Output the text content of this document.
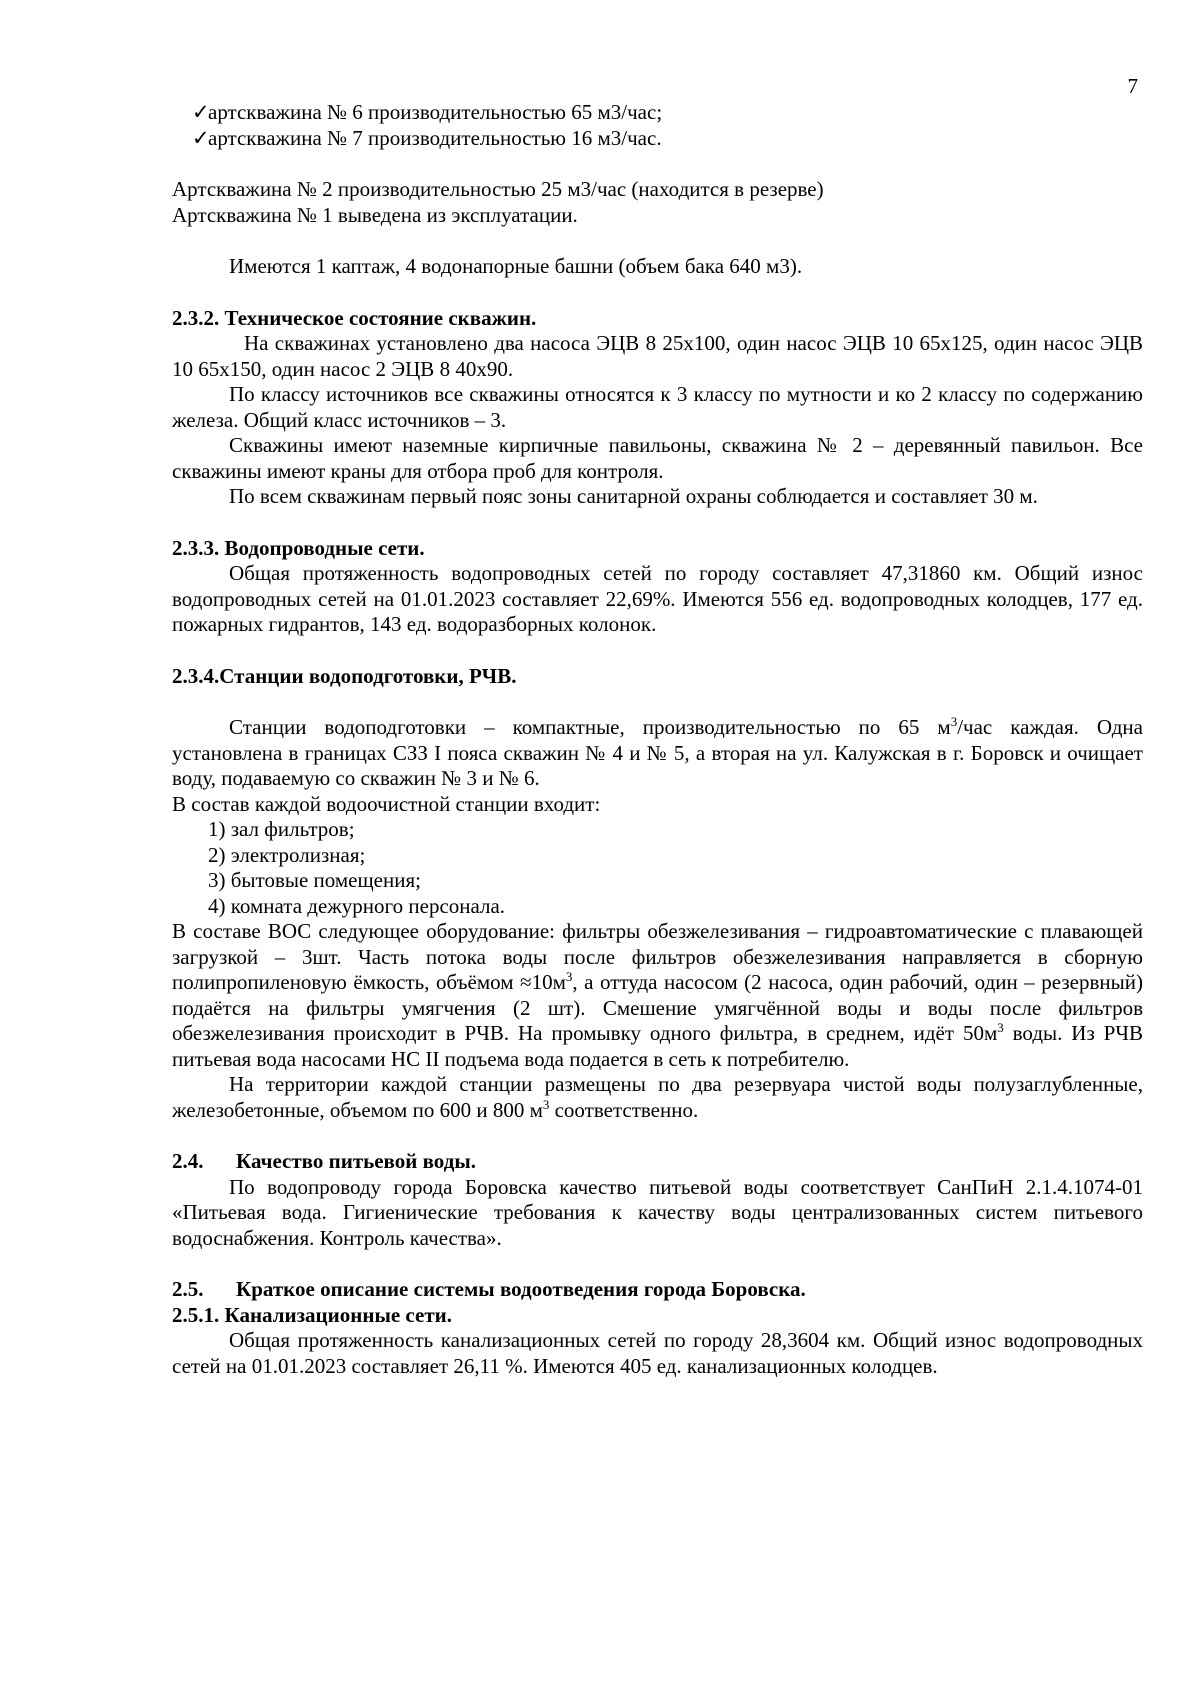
7

✓артскважина № 6 производительностью 65 м3/час;

✓артскважина № 7 производительностью 16 м3/час.

Артскважина № 2 производительностью 25 м3/час (находится в резерве)

Артскважина № 1 выведена из эксплуатации.

Имеются 1 каптаж, 4 водонапорные башни (объем бака 640 м3).

2.3.2. Техническое состояние скважин.

На скважинах установлено два насоса ЭЦВ 8 25х100, один насос ЭЦВ 10 65х125, один насос ЭЦВ 10 65х150, один насос 2 ЭЦВ 8 40х90.

По классу источников все скважины относятся к 3 классу по мутности и ко 2 классу по содержанию железа. Общий класс источников – 3.

Скважины имеют наземные кирпичные павильоны, скважина № 2 – деревянный павильон. Все скважины имеют краны для отбора проб для контроля.

По всем скважинам первый пояс зоны санитарной охраны соблюдается и составляет 30 м.

2.3.3. Водопроводные сети.

Общая протяженность водопроводных сетей по городу составляет 47,31860 км. Общий износ водопроводных сетей на 01.01.2023 составляет 22,69%. Имеются 556 ед. водопроводных колодцев, 177 ед. пожарных гидрантов, 143 ед. водоразборных колонок.

2.3.4.Станции водоподготовки, РЧВ.

Станции водоподготовки – компактные, производительностью по 65 $м^3$/час каждая. Одна установлена в границах СЗЗ I пояса скважин № 4 и № 5, а вторая на ул. Калужская в г. Боровск и очищает воду, подаваемую со скважин № 3 и № 6.

В состав каждой водоочистной станции входит:

1) зал фильтров;

2) электролизная;

3) бытовые помещения;

4) комната дежурного персонала.

В составе ВОС следующее оборудование: фильтры обезжелезивания – гидроавтоматические с плавающей загрузкой – 3шт. Часть потока воды после фильтров обезжелезивания направляется в сборную полипропиленовую ёмкость, объёмом $\approx 10м^3$, а оттуда насосом (2 насоса, один рабочий, один – резервный) подаётся на фильтры умягчения (2 шт). Смешение умягчённой воды и воды после фильтров обезжелезивания происходит в РЧВ. На промывку одного фильтра, в среднем, идёт $50м^3$ воды. Из РЧВ питьевая вода насосами НС II подъема вода подается в сеть к потребителю.

На территории каждой станции размещены по два резервуара чистой воды полузаглубленные, железобетонные, объемом по 600 и 800 $м^3$ соответственно.

2.4. Качество питьевой воды.

По водопроводу города Боровска качество питьевой воды соответствует СанПиН 2.1.4.1074-01 «Питьевая вода. Гигиенические требования к качеству воды централизованных систем питьевого водоснабжения. Контроль качества».

2.5. Краткое описание системы водоотведения города Боровска.

2.5.1. Канализационные сети.

Общая протяженность канализационных сетей по городу 28,3604 км. Общий износ водопроводных сетей на 01.01.2023 составляет 26,11 %. Имеются 405 ед. канализационных колодцев.
